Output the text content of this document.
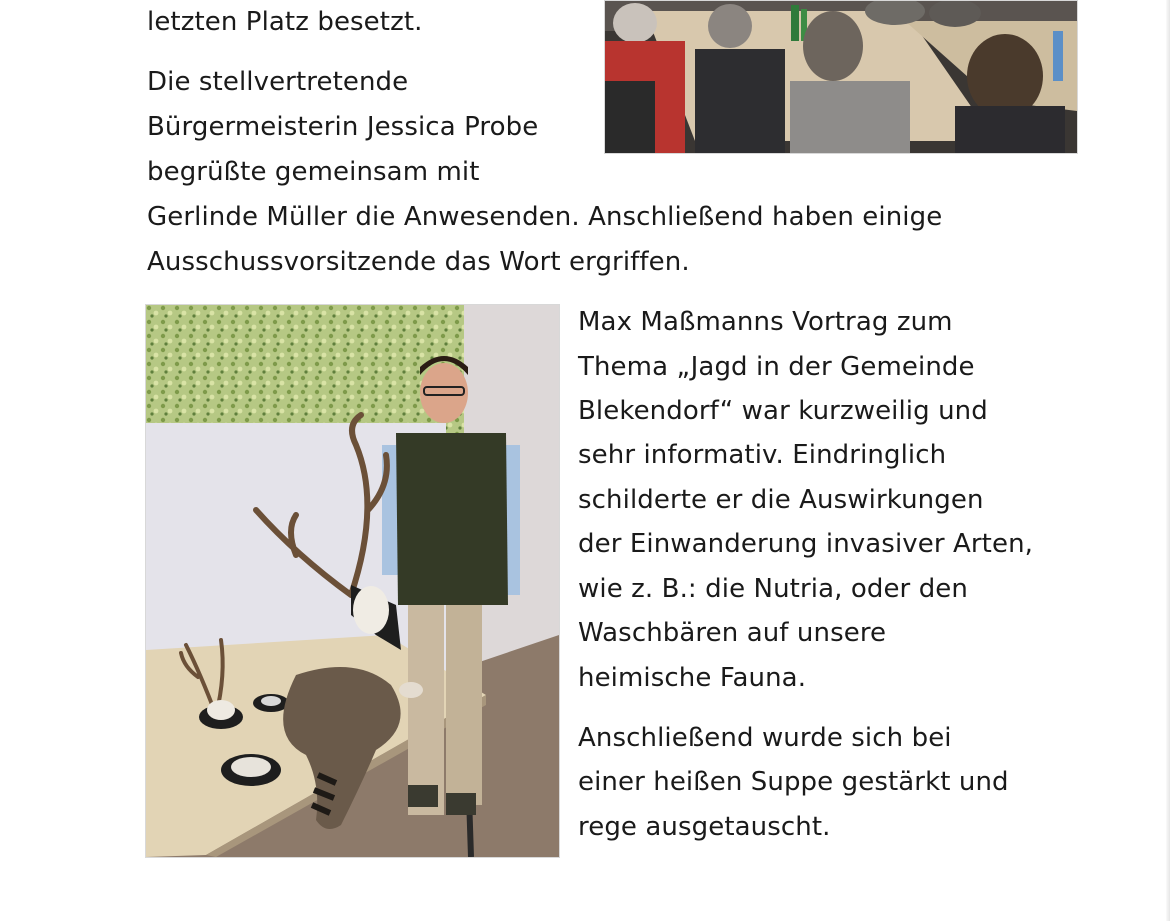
letzten Platz besetzt.
Die stellvertretende
Bürgermeisterin Jessica Probe
begrüßte gemeinsam mit
Gerlinde Müller die Anwesenden. Anschließend haben einige
Ausschussvorsitzende das Wort ergriffen.
Max Maßmanns Vortrag zum
Thema „Jagd in der Gemeinde
Blekendorf“ war kurzweilig und
sehr informativ. Eindringlich
schilderte er die Auswirkungen
der Einwanderung invasiver Arten,
wie z. B.: die Nutria, oder den
Waschbären auf unsere
heimische Fauna.
Anschließend wurde sich bei
einer heißen Suppe gestärkt und
rege ausgetauscht.
